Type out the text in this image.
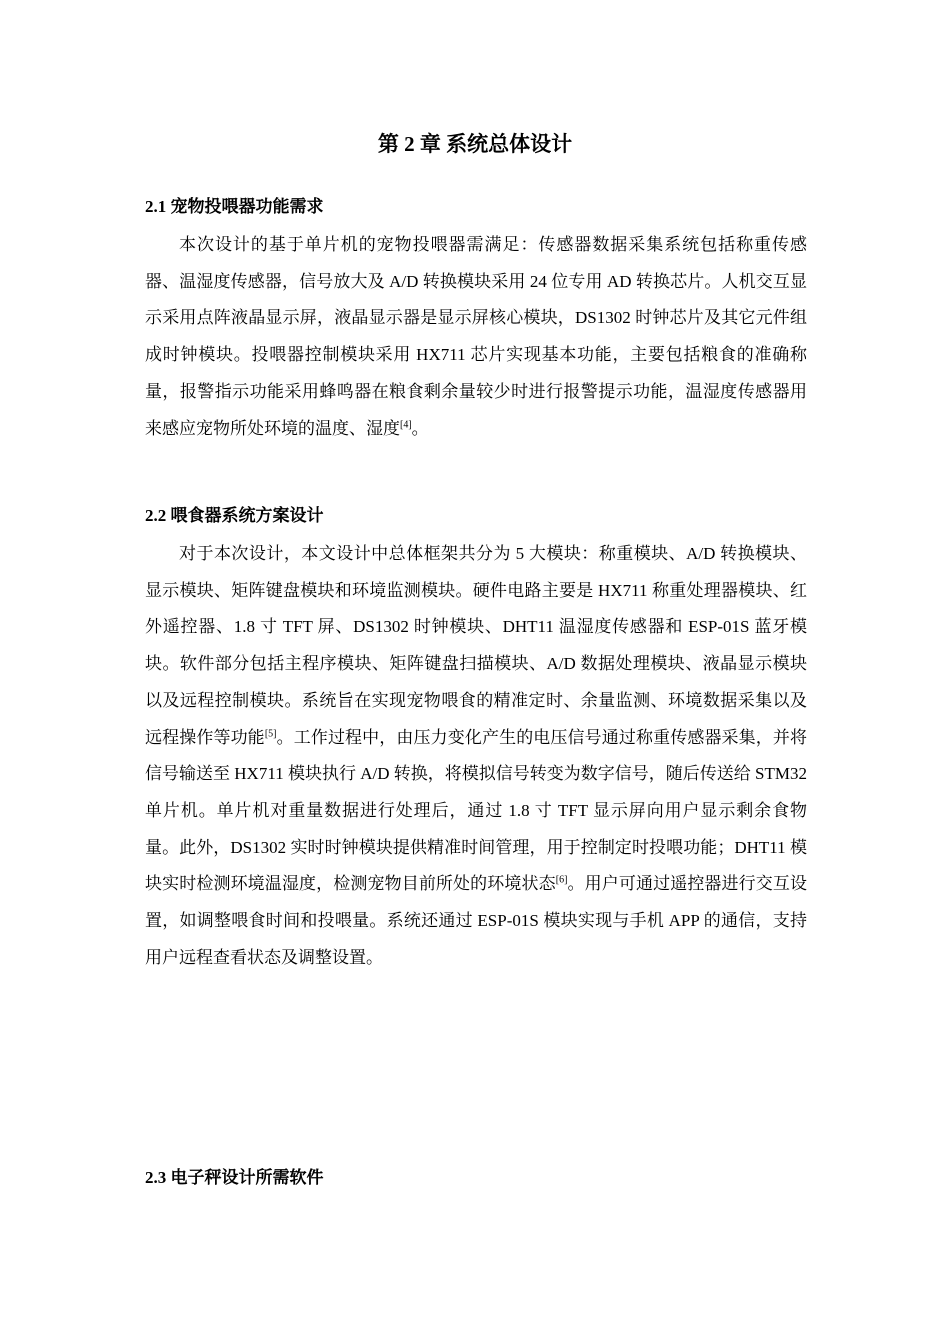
第 2 章 系统总体设计
2.1 宠物投喂器功能需求

本次设计的基于单片机的宠物投喂器需满足：传感器数据采集系统包括称重传感器、温湿度传感器，信号放大及 A/D 转换模块采用 24 位专用 AD 转换芯片。人机交互显示采用点阵液晶显示屏，液晶显示器是显示屏核心模块，DS1302 时钟芯片及其它元件组成时钟模块。投喂器控制模块采用 HX711 芯片实现基本功能，主要包括粮食的准确称量，报警指示功能采用蜂鸣器在粮食剩余量较少时进行报警提示功能，温湿度传感器用来感应宠物所处环境的温度、湿度[4]。

2.2 喂食器系统方案设计

对于本次设计，本文设计中总体框架共分为 5 大模块：称重模块、A/D 转换模块、显示模块、矩阵键盘模块和环境监测模块。硬件电路主要是 HX711 称重处理器模块、红外遥控器、1.8 寸 TFT 屏、DS1302 时钟模块、DHT11 温湿度传感器和 ESP-01S 蓝牙模块。软件部分包括主程序模块、矩阵键盘扫描模块、A/D 数据处理模块、液晶显示模块以及远程控制模块。系统旨在实现宠物喂食的精准定时、余量监测、环境数据采集以及远程操作等功能[5]。工作过程中，由压力变化产生的电压信号通过称重传感器采集，并将信号输送至 HX711 模块执行 A/D 转换，将模拟信号转变为数字信号，随后传送给 STM32 单片机。单片机对重量数据进行处理后，通过 1.8 寸 TFT 显示屏向用户显示剩余食物量。此外，DS1302 实时时钟模块提供精准时间管理，用于控制定时投喂功能；DHT11 模块实时检测环境温湿度，检测宠物目前所处的环境状态[6]。用户可通过遥控器进行交互设置，如调整喂食时间和投喂量。系统还通过 ESP-01S 模块实现与手机 APP 的通信，支持用户远程查看状态及调整设置。

2.3 电子秤设计所需软件
